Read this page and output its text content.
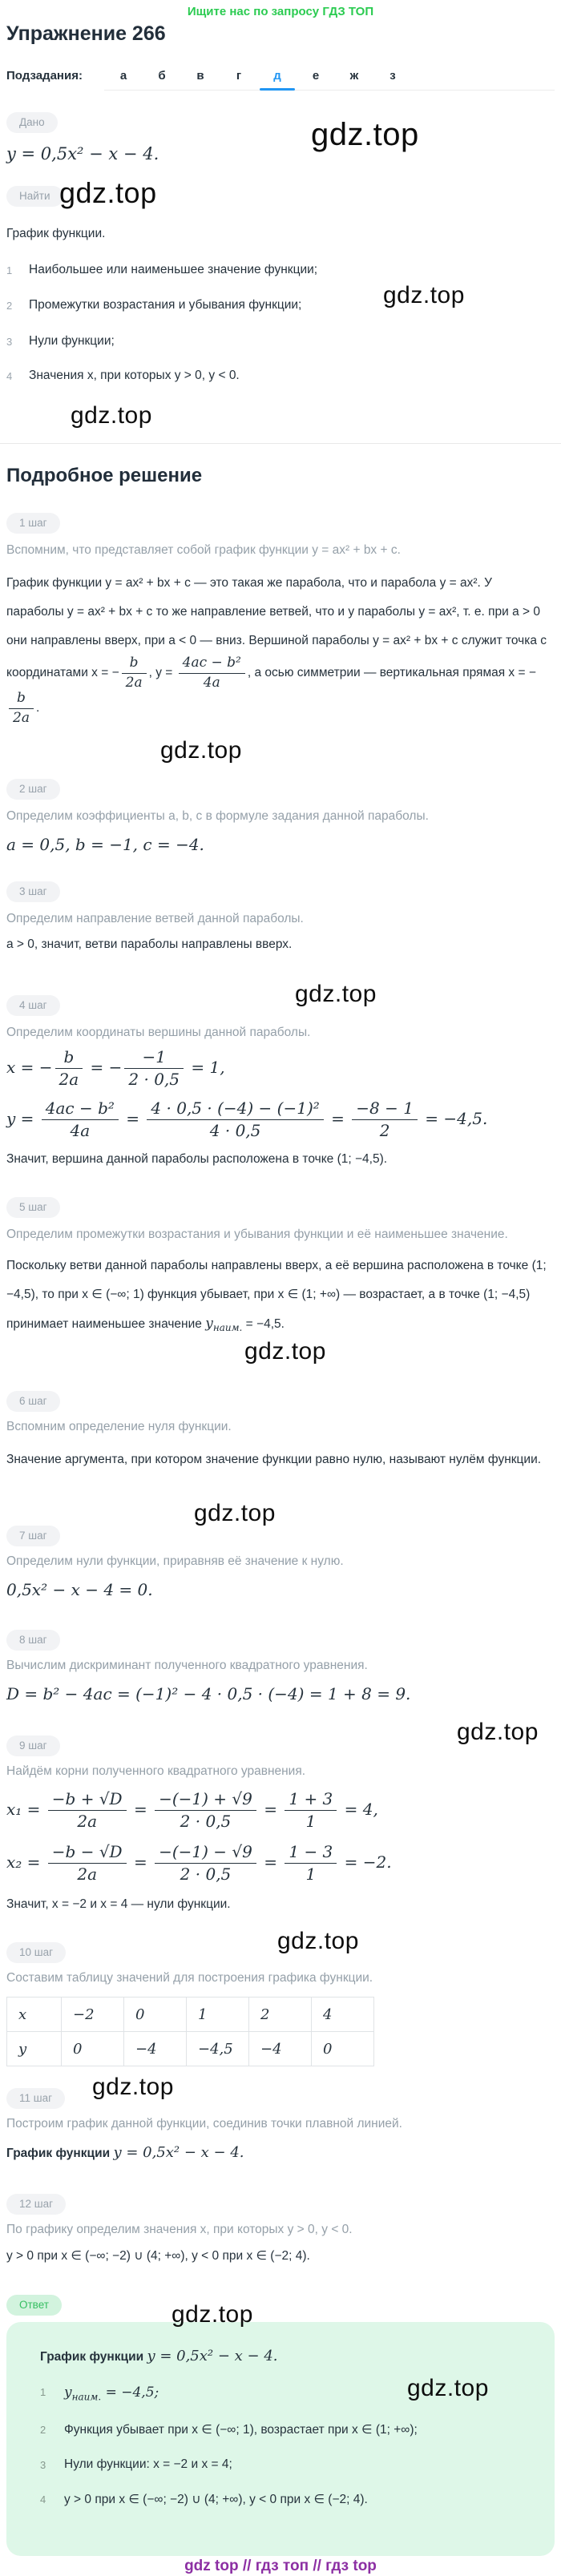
Ищите нас по запросу ГДЗ ТОП
Упражнение 266
Подзадания:	а	б	в	г	д	е	ж	з
Дано
y = 0,5x² − x − 4.
Найти
График функции.
1	Наибольшее или наименьшее значение функции;
2	Промежутки возрастания и убывания функции;
3	Нули функции;
4	Значения x, при которых y > 0, y < 0.
Подробное решение
1 шаг
Вспомним, что представляет собой график функции y = ax² + bx + c.
График функции y = ax² + bx + c — это такая же парабола, что и парабола y = ax². У параболы y = ax² + bx + c то же направление ветвей, что и у параболы y = ax², т. е. при a > 0 они направлены вверх, при a < 0 — вниз. Вершиной параболы y = ax² + bx + c служит точка с координатами x = − $\frac{b}{2a}$ , $y = \frac{\text{4ac − b²}}{4a}$ , а осью симметрии — вертикальная прямая x = −
$\frac{b}{2a}$ .
2 шаг
Определим коэффициенты a, b, c в формуле задания данной параболы.
a = 0,5, b = −1, c = −4.
3 шаг
Определим направление ветвей данной параболы.
a > 0, значит, ветви параболы направлены вверх.
4 шаг
Определим координаты вершины данной параболы.
x = − $\frac{b}{2a}$ = − $\frac{-1}{2 \cdot 0,5} = 1$,
$y = \frac{\text{4ac − b²}}{4a} = \frac{\text{4 · 0,5 · (−4) − (−1)²}}{4 \cdot 0,5} = \frac{-8 - 1}{2} = -4,5$.
Значит, вершина данной параболы расположена в точке (1; −4,5).
5 шаг
Определим промежутки возрастания и убывания функции и её наименьшее значение.
Поскольку ветви данной параболы направлены вверх, а её вершина расположена в точке (1; −4,5), то при x ∈ (−∞; 1) функция убывает, при x ∈ (1; +∞) — возрастает, а в точке (1; −4,5) принимает наименьшее значение $y_{наим.} = -4,5$.
6 шаг
Вспомним определение нуля функции.
Значение аргумента, при котором значение функции равно нулю, называют нулём функции.
7 шаг
Определим нули функции, приравняв её значение к нулю.
0,5x² − x − 4 = 0.
8 шаг
Вычислим дискриминант полученного квадратного уравнения.
D = b² − 4ac = (−1)² − 4 · 0,5 · (−4) = 1 + 8 = 9.
9 шаг
Найдём корни полученного квадратного уравнения.
$x_1 = \frac{-b + √D}{2a} = \frac{-(-1) + √9}{2 \cdot 0,5} = \frac{1 + 3}{1} = 4$,
$x_2 = \frac{-b - √D}{2a} = \frac{-(-1) - √9}{2 \cdot 0,5} = \frac{1 - 3}{1} = -2$.
Значит, x = −2 и x = 4 — нули функции.
10 шаг
Составим таблицу значений для построения графика функции.
x	−2	0	1	2	4
y	0	−4	−4,5	−4	0
11 шаг
Построим график данной функции, соединив точки плавной линией.
График функции y = 0,5x² − x − 4.
12 шаг
По графику определим значения x, при которых y > 0, y < 0.
y > 0 при x ∈ (−∞; −2) ∪ (4; +∞), y < 0 при x ∈ (−2; 4).
Ответ
График функции y = 0,5x² − x − 4.
1	$y_{наим.} = -4,5$;
2	Функция убывает при x ∈ (−∞; 1), возрастает при x ∈ (1; +∞);
3	Нули функции: x = −2 и x = 4;
4	y > 0 при x ∈ (−∞; −2) ∪ (4; +∞), y < 0 при x ∈ (−2; 4).
gdz top // гдз топ // гдз top
gdz.top
gdz.top
gdz.top
gdz.top
gdz.top
gdz.top
gdz.top
gdz.top
gdz.top
gdz.top
gdz.top
gdz.top
gdz.top
